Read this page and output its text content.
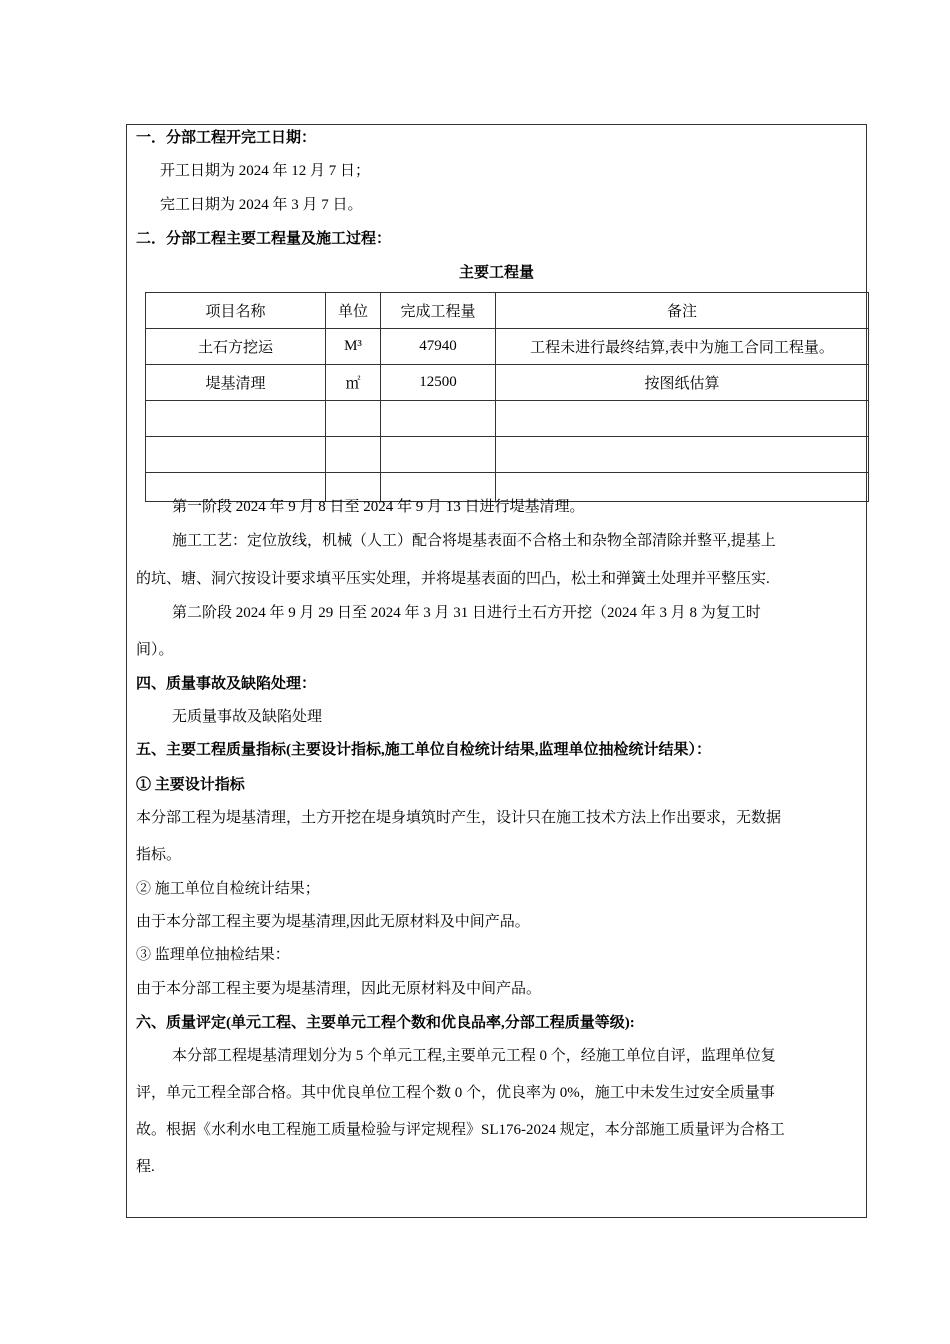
一．分部工程开完工日期：
开工日期为 2024 年 12 月 7 日；
完工日期为 2024 年 3 月 7 日。
二．分部工程主要工程量及施工过程：
主要工程量
项目名称	单位	完成工程量	备注
土石方挖运	M³	47940	工程未进行最终结算,表中为施工合同工程量。
堤基清理	㎡	12500	按图纸估算

第一阶段 2024 年 9 月 8 日至 2024 年 9 月 13 日进行堤基清理。
施工工艺：定位放线，机械（人工）配合将堤基表面不合格土和杂物全部清除并整平,提基上
的坑、塘、洞穴按设计要求填平压实处理，并将堤基表面的凹凸，松土和弹簧土处理并平整压实.
第二阶段 2024 年 9 月 29 日至 2024 年 3 月 31 日进行土石方开挖（2024 年 3 月 8 为复工时
间）。
四、质量事故及缺陷处理：
无质量事故及缺陷处理
五、主要工程质量指标(主要设计指标,施工单位自检统计结果,监理单位抽检统计结果）：
① 主要设计指标
本分部工程为堤基清理，土方开挖在堤身填筑时产生，设计只在施工技术方法上作出要求，无数据
指标。
② 施工单位自检统计结果；
由于本分部工程主要为堤基清理,因此无原材料及中间产品。
③ 监理单位抽检结果：
由于本分部工程主要为堤基清理，因此无原材料及中间产品。
六、质量评定(单元工程、主要单元工程个数和优良品率,分部工程质量等级):
本分部工程堤基清理划分为 5 个单元工程,主要单元工程 0 个，经施工单位自评，监理单位复
评，单元工程全部合格。其中优良单位工程个数 0 个，优良率为 0%，施工中未发生过安全质量事
故。根据《水利水电工程施工质量检验与评定规程》SL176-2024 规定，本分部施工质量评为合格工
程.
